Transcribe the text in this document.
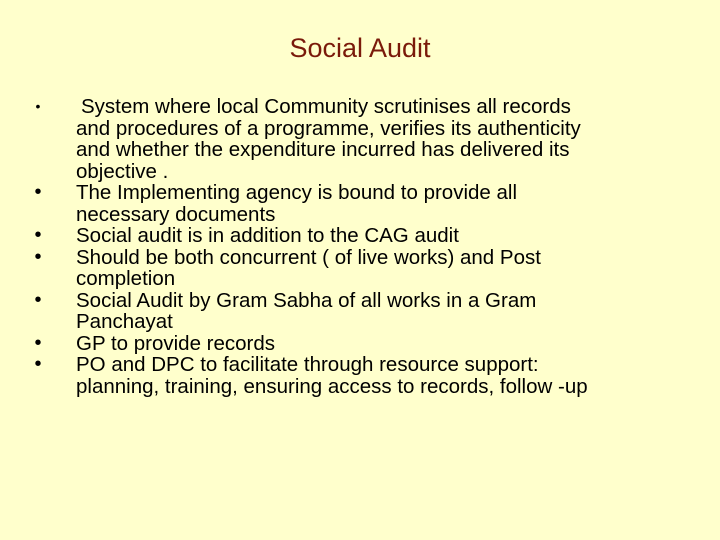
Social Audit
• System where local Community scrutinises all records
and procedures of a programme, verifies its authenticity
and whether the expenditure incurred has delivered its
objective .
• The Implementing agency is bound to provide all
necessary documents
• Social audit is in addition to the CAG audit
• Should be both concurrent ( of live works) and Post
completion
• Social Audit by Gram Sabha of all works in a Gram
Panchayat
• GP to provide records
• PO and DPC to facilitate through resource support:
planning, training, ensuring access to records, follow -up
